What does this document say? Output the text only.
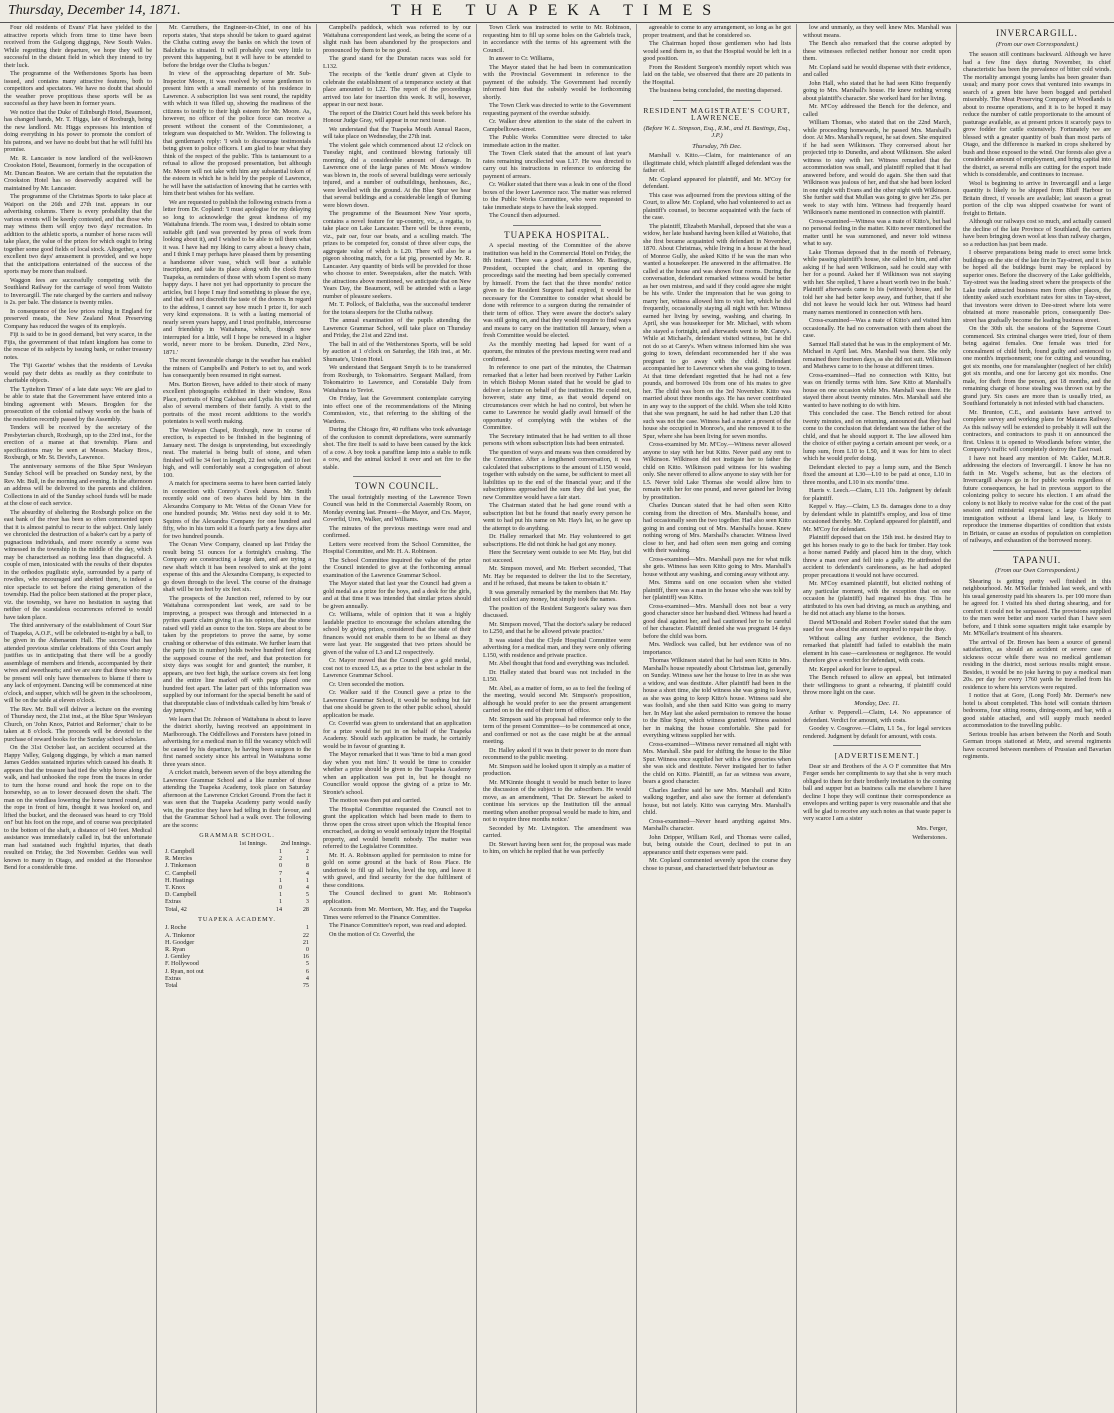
Thursday, December 14, 1871.	THE TUAPEKA TIMES

Four old residents of Evans' Flat have yielded to the attractive reports which from time to time have been received from the Gulgong diggings, New South Wales. While regretting their departure, we hope they will be successful in the distant field in which they intend to try their luck.

The programme of the Wetherstones Sports has been issued, and contains many attractive features, both to competitors and spectators. We have no doubt that should the weather prove propitious these sports will be as successful as they have been in former years.

We notice that the Duke of Edinburgh Hotel, Beaumont, has changed hands, Mr. T. Higgs, late of Roxburgh, being the new landlord. Mr. Higgs expresses his intention of doing everything in his power to promote the comfort of his patrons, and we have no doubt but that he will fulfil his promise.

Mr. R. Lancaster is now landlord of the well-known Crookston Hotel, Beaumont, formerly in the occupation of Mr. Duncan Beaton. We are certain that the reputation the Crookston Hotel has so deservedly acquired will be maintained by Mr. Lancaster.

The programme of the Christmas Sports to take place at Waipori on the 26th and 27th inst. appears in our advertising columns. There is every probability that the various events will be keenly contested, and that those who may witness them will enjoy two days' recreation. In addition to the athletic sports, a number of horse races will take place, the value of the prizes for which ought to bring together some good fields of local stock. Altogether, a very excellent two days' amusement is provided, and we hope that the anticipations entertained of the success of the sports may be more than realised.

Waggon fees are successfully competing with the Southland Railway for the carriage of wool from Waitoto to Invercargill. The rate charged by the carriers and railway is 2s. per bale. The distance is twenty miles.

In consequence of the low prices ruling in England for preserved meats, the New Zealand Meat Preserving Company has reduced the wages of its employés.

Fiji is said to be in good demand, but very scarce, in the Fijis, the government of that infant kingdom has come to the rescue of its subjects by issuing bank, or rather treasury notes.

The 'Fiji Gazette' wishes that the residents of Levuka would pay their debts as readily as they contribute to charitable objects.

The 'Lyttelton Times' of a late date says: We are glad to be able to state that the Government have entered into a binding agreement with Messrs. Brogden for the prosecution of the colonial railway works on the basis of the resolution recently passed by the Assembly.

Tenders will be received by the secretary of the Presbyterian church, Roxburgh, up to the 23rd inst., for the erection of a manse at that township. Plans and specifications may be seen at Messrs. Mackay Bros., Roxburgh, or Mr. St. Devid's, Lawrence.

The anniversary sermons of the Blue Spur Wesleyan Sunday School will be preached on Sunday next, by the Rev. Mr. Bull, in the morning and evening. In the afternoon an address will be delivered to the parents and children. Collections in aid of the Sunday school funds will be made at the close of each service.

The absurdity of sheltering the Roxburgh police on the east bank of the river has been so often commented upon that it is almost painful to recur to the subject. Only lately we chronicled the destruction of a baker's cart by a party of pugnacious individuals, and more recently a scene was witnessed in the township in the middle of the day, which may be characterised as nothing less than disgraceful. A couple of men, intoxicated with the results of their disputes in the orthodox pugilistic style, surrounded by a party of rowdies, who encouraged and abetted them, is indeed a nice spectacle to set before the rising generation of the township. Had the police been stationed at the proper place, viz. the township, we have no hesitation in saying that neither of the scandalous occurrences referred to would have taken place.

The third anniversary of the establishment of Court Star of Tuapeka, A.O.F., will be celebrated to-night by a ball, to be given in the Athenaeum Hall. The success that has attended previous similar celebrations of this Court amply justifies us in anticipating that there will be a goodly assemblage of members and friends, accompanied by their wives and sweethearts; and we are sure that those who may be present will only have themselves to blame if there is any lack of enjoyment. Dancing will be commenced at nine o'clock, and supper, which will be given in the schoolroom, will be on the table at eleven o'clock.

The Rev. Mr. Bull will deliver a lecture on the evening of Thursday next, the 21st inst., at the Blue Spur Wesleyan Church, on 'John Knox, Patriot and Reformer,' chair to be taken at 8 o'clock. The proceeds will be devoted to the purchase of reward books for the Sunday school scholars.

On the 31st October last, an accident occurred at the Happy Valley, Gulgong diggings, by which a man named James Geddes sustained injuries which caused his death. It appears that the treasure had tied the whip horse along the walk, and had unhooked the rope from the traces in order to turn the horse round and hook the rope on to the horsewhip, so as to lower deceased down the shaft. The man on the windlass lowering the horse turned round, and the rope in front of him, thought it was hooked on, and lifted the bucket, and the deceased was heard to cry 'Hold on!' but his foot on the rope, and of course was precipitated to the bottom of the shaft, a distance of 140 feet. Medical assistance was immediately called in, but the unfortunate man had sustained such frightful injuries, that death resulted on Friday, the 3rd November. Geddes was well known to many in Otago, and resided at the Horseshoe Bend for a considerable time.

Mr. Carruthers, the Engineer-in-Chief, in one of his reports states, 'that steps should be taken to guard against the Clutha cutting away the banks on which the town of Balclutha is situated. It will probably cost very little to prevent this happening, but it will have to be attended to before the bridge over the Clutha is begun.'

In view of the approaching departure of Mr. Sub-Inspector Moore, it was resolved by some gentlemen to present him with a small memento of his residence in Lawrence. A subscription list was sent round, the rapidity with which it was filled up, showing the readiness of the citizens to testify to their high esteem for Mr. Moore. As, however, no officer of the police force can receive a present without the consent of the Commissioner, a telegram was despatched to Mr. Weldon. The following is that gentleman's reply: 'I wish to discourage testimonials being given to police officers. I am glad to hear what they think of the respect of the public. This is tantamount to a refusal to allow the proposed presentation, but although Mr. Moore will not take with him any substantial token of the esteem in which he is held by the people of Lawrence, he will have the satisfaction of knowing that he carries with him their best wishes for his welfare.

We are requested to publish the following extracts from a letter from Dr. Copland: 'I must apologise for my delaying so long to acknowledge the great kindness of my Waitahuna friends. The room was, I desired to obtain some suitable gift (and was prevented by press of work from looking about it), and I wished to be able to tell them what it was. I have had my liking to carry about a heavy chain, and I think I may perhaps have pleased them by presenting a handsome silver vase, which will bear a suitable inscription, and take its place along with the clock from Tuapeka, as reminders of those with whom I spent so many happy days. I have not yet had opportunity to procure the articles, but I hope I may find something to please the eye, and that will not discredit the taste of the donors. In regard to the address, I cannot say how much I prize it, for such very kind expressions. It is with a lasting memorial of nearly seven years happy, and I trust profitable, intercourse and friendship in Waitahuna, which, though now interrupted for a little, will I hope be renewed in a higher world, never more to be broken. Dunedin, 23rd Nov., 1871.'

The recent favourable change in the weather has enabled the miners of Campbell's and Potter's to set to, and work has consequently been resumed in right earnest.

Mrs. Burton Brown, have added to their stock of many excellent photographs exhibited in their window, Ross Place, portraits of King Cakobau and Lydia his queen, and also of several members of their family. A visit to the portraits of the most recent additions to the world's potentates is well worth making.

The Wesleyan Chapel, Roxburgh, now in course of erection, is expected to be finished in the beginning of January next. The design is unpretending, but exceedingly neat. The material is being built of stone, and when finished will be 34 feet in length, 22 feet wide, and 10 feet high, and will comfortably seat a congregation of about 100.

A match for specimens seems to have been carried lately in connection with Conroy's Creek shares. Mr. Smith recently sold one of two shares held by him in the Alexandra Company to Mr. Weiss of the Ocean View for one hundred pounds; Mr. Weiss next day sold it to Mr. Squires of the Alexandra Company for one hundred and fifty, who in his turn sold it a fourth party a few days after for two hundred pounds.

The Ocean View Company, cleaned up last Friday the result being 51 ounces for a fortnight's crushing. The Company are constructing a large dam, and are trying a new shaft which it has been resolved to sink at the joint expense of this and the Alexandra Company, is expected to go down through to the level. The course of the drainage shaft will be ten feet by six feet six.

The prospects of the Junction reef, referred to by our Waitahuna correspondent last week, are said to be improving, a prospect was through and intersected in a pyrites quartz claim giving it as his opinion, that the stone raised will yield an ounce to the ton. Steps are about to be taken by the proprietors to prove the same, by some crushing or otherwise of this estimate. We further learn that the party (six in number) holds twelve hundred feet along the supposed course of the reef, and that protection for sixty days was sought for and granted; the number, it appears, are two feet high, the surface covers six feet long and the entire line marked off with pegs placed one hundred feet apart. The latter part of this information was supplied by our informant for the special benefit he said of that disreputable class of individuals called by him 'break o' day jumpers.'

We learn that Dr. Johnson of Waitahuna is about to leave the district shortly, having received an appointment in Marlborough. The Oddfellows and Foresters have joined in advertising for a medical man to fill the vacancy which will be caused by his departure, he having been surgeon to the first named society since his arrival in Waitahuna some three years since.

A cricket match, between seven of the boys attending the Lawrence Grammar School and a like number of those attending the Tuapeka Academy, took place on Saturday afternoon at the Lawrence Cricket Ground. From the fact it was seen that the Tuapeka Academy party would easily win, the practice they have had telling in their favour, and that the Grammar School had a walk over. The following are the scores:

GRAMMAR SCHOOL.
1st Innings. 2nd Innings.
J. Campbell	1	2
R. Mercies	2	1
J. Tinkenson	0	8
C. Campbell	7	4
H. Hastings	1	1
T. Knox	0	4
D. Campbell	1	5
Extras	1	3
Total, 42	14	28
TUAPEKA ACADEMY.
J. Roche	1
A. Tinkenor	22
H. Goodger	21
R. Ryan	0
J. Gentley	16
F. Hollywood	5
J. Ryan, not out	6
Extras	4
Total	75

Campbell's paddock, which was referred to by our Waitahuna correspondent last week, as being the scene of a slight rush has been abandoned by the prospectors and pronounced by them to be no good.

The grand stand for the Dunstan races was sold for L132.

The receipts of the 'kettle drum' given at Clyde to celebrate the establishment of a temperance society at that place amounted to L22. The report of the proceedings arrived too late for insertion this week. It will, however, appear in our next issue.

The report of the District Court held this week before his Honour Judge Gray, will appear in our next issue.

We understand that the Tuapeka Mouth Annual Races, will take place on Wednesday, the 27th inst.

The violent gale which commenced about 12 o'clock on Tuesday night, and continued blowing furiously till morning, did a considerable amount of damage. In Lawrence one of the large panes of Mr. Moss's window was blown in, the roofs of several buildings were seriously injured, and a number of outbuildings, henhouses, &c., were levelled with the ground. At the Blue Spur we hear that several buildings and a considerable length of fluming were blown down.

The programme of the Beaumont New Year sports, contains a novel feature for up-country, viz., a regatta, to take place on Lake Lancaster. There will be three events, viz., pair oar, four oar boats, and a sculling match. The prizes to be competed for, consist of three silver cups, the aggregate value of which is L20. There will also be a pigeon shooting match, for a fat pig, presented by Mr. R. Lancaster. Any quantity of birds will be provided for those who choose to enter. Sweepstakes, after the match. With the attractions above mentioned, we anticipate that on New Years Day, the Beaumont, will be attended with a large number of pleasure seekers.

Mr. T. Pollock, of Balclutha, was the successful tenderer for the totara sleepers for the Clutha railway.

The annual examination of the pupils attending the Lawrence Grammar School, will take place on Thursday and Friday, the 21st and 22nd inst.

The ball in aid of the Wetherstones Sports, will be sold by auction at 1 o'clock on Saturday, the 16th inst., at Mr. Shumate's, Union Hotel.

We understand that Sergeant Smyth is to be transferred from Roxburgh, to Tokomairiro. Sergeant Mallard, from Tokomairiro to Lawrence, and Constable Daly from Waitahuna to Teviot.

On Friday, last the Government contemplate carrying into effect one of the recommendations of the Mining Commission, viz., that referring to the shifting of the Wardens.

During the Chicago fire, 40 ruffians who took advantage of the confusion to commit depredations, were summarily shot. The fire itself is said to have been caused by the kick of a cow. A boy took a paraffine lamp into a stable to milk a cow, and the animal kicked it over and set fire to the stable.

TOWN COUNCIL.

The usual fortnightly meeting of the Lawrence Town Council was held in the Commercial Assembly Room, on Monday evening last. Present—the Mayor, and Crs. Mayor, Coverfid, Uren, Walker, and Williams.

The minutes of the previous meetings were read and confirmed.

Letters were received from the School Committee, the Hospital Committee, and Mr. H. A. Robinson.

The School Committee inquired the value of the prize the Council intended to give at the forthcoming annual examination of the Lawrence Grammar School.

The Mayor stated that last year the Council had given a gold medal as a prize for the boys, and a desk for the girls, and at that time it was intended that similar prizes should be given annually.

Cr. Williams, while of opinion that it was a highly laudable practice to encourage the scholars attending the school by giving prizes, considered that the state of their finances would not enable them to be so liberal as they were last year. He suggested that two prizes should be given of the value of L3 and L2 respectively.

Cr. Mayor moved that the Council give a gold medal, cost not to exceed L5, as a prize to the best scholar in the Lawrence Grammar School.

Cr. Uren seconded the motion.

Cr. Walker said if the Council gave a prize to the Lawrence Grammar School, it would be nothing but fair that one should be given to the other public school, should application be made.

Cr. Coverfid was given to understand that an application for a prize would be put in on behalf of the Tuapeka Academy. Should such application be made, he certainly would be in favour of granting it.

The Mayor remarked that it was 'time to bid a man good day when you met him.' It would be time to consider whether a prize should be given to the Tuapeka Academy when an application was put in, but he thought no Councillor would oppose the giving of a prize to Mr. Stronie's school.

The motion was then put and carried.

The Hospital Committee requested the Council not to grant the application which had been made to them to throw open the cross street upon which the Hospital fence encroached, as doing so would seriously injure the Hospital property, and would benefit nobody. The matter was referred to the Legislative Committee.

Mr. H. A. Robinson applied for permission to mine for gold on some ground at the back of Ross Place. He undertook to fill up all holes, level the top, and leave it with gravel, and find security for the due fulfilment of these conditions.

The Council declined to grant Mr. Robinson's application.

Accounts from Mr. Morrison, Mr. Hay, and the Tuapeka Times were referred to the Finance Committee.

The Finance Committee's report, was read and adopted.

On the motion of Cr. Coverfid, the

Town Clerk was instructed to write to Mr. Robinson, requesting him to fill up some holes on the Gabriels track, in accordance with the terms of his agreement with the Council.

In answer to Cr. Williams,

The Mayor stated that he had been in communication with the Provincial Government in reference to the payment of the subsidy. The Government had recently informed him that the subsidy would be forthcoming shortly.

The Town Clerk was directed to write to the Government requesting payment of the overdue subsidy.

Cr. Walker drew attention to the state of the culvert in Campbelltown-street.

The Public Works Committee were directed to take immediate action in the matter.

The Town Clerk stated that the amount of last year's rates remaining uncollected was L17. He was directed to carry out his instructions in reference to enforcing the payment of arrears.

Cr. Walker stated that there was a leak in one of the flood boxes of the lower Lawrence race. The matter was referred to the Public Works Committee, who were requested to take immediate steps to have the leak stopped.

The Council then adjourned.

TUAPEKA HOSPITAL.

A special meeting of the Committee of the above institution was held in the Commercial Hotel on Friday, the 8th instant. There was a good attendance. Mr. Bastings, President, occupied the chair, and in opening the proceedings said the meeting had been specially convened by himself. From the fact that the three months' notice given to the Resident Surgeon had expired, it would be necessary for the Committee to consider what should be done with reference to a surgeon during the remainder of their term of office. They were aware the doctor's salary was still going on, and that they would require to find ways and means to carry on the institution till January, when a fresh Committee would be elected.

As the monthly meeting had lapsed for want of a quorum, the minutes of the previous meeting were read and confirmed.

In reference to one part of the minutes, the Chairman remarked that a letter had been received by Father Larkin in which Bishop Moran stated that he would be glad to deliver a lecture on behalf of the institution. He could not, however, state any time, as that would depend on circumstances over which he had no control, but when he came to Lawrence he would gladly avail himself of the opportunity of complying with the wishes of the Committee.

The Secretary intimated that he had written to all those persons with whom subscription lists had been entrusted.

The question of ways and means was then considered by the Committee. After a lengthened conversation, it was calculated that subscriptions to the amount of L150 would, together with subsidy on the same, be sufficient to meet all liabilities up to the end of the financial year; and if the subscriptions approached the sum they did last year, the new Committee would have a fair start.

The Chairman stated that he had gone round with a subscription list but he found that nearly every person he went to had put his name on Mr. Hay's list, so he gave up the attempt to do anything.

Dr. Halley remarked that Mr. Hay volunteered to get subscriptions. He did not think he had got any money.

Here the Secretary went outside to see Mr. Hay, but did not succeed.

Mr. Simpson moved, and Mr. Herbert seconded, 'That Mr. Hay be requested to deliver the list to the Secretary, and if he refused, that means be taken to obtain it.'

It was generally remarked by the members that Mr. Hay did not collect any money, but simply took the names.

The position of the Resident Surgeon's salary was then discussed.

Mr. Simpson moved, 'That the doctor's salary be reduced to L250, and that he be allowed private practice.'

It was stated that the Clyde Hospital Committee were advertising for a medical man, and they were only offering L150, with residence and private practice.

Mr. Abel thought that food and everything was included.

Dr. Halley stated that board was not included in the L150.

Mr. Abel, as a matter of form, so as to feel the feeling of the meeting, would second Mr. Simpson's proposition, although he would prefer to see the present arrangement carried on to the end of their term of office.

Mr. Simpson said his proposal had reference only to the term of the present Committee—to be commenced at once, and confirmed or not as the case might be at the annual meeting.

Dr. Halley asked if it was in their power to do more than recommend to the public meeting.

Mr. Simpson said he looked upon it simply as a matter of production.

Mr. M'Kinnie thought it would be much better to leave the discussion of the subject to the subscribers. He would move, as an amendment, 'That Dr. Stewart be asked to continue his services up the Institution till the annual meeting when another proposal would be made to him, and not to require three months notice.'

Seconded by Mr. Livingston. The amendment was carried.

Dr. Stewart having been sent for, the proposal was made to him, on which he replied that he was perfectly

agreeable to come to any arrangement, so long as he got proper treatment, and that he considered so.

The Chairman hoped those gentlemen who had lists would send them in, so that the Hospital would be left in a good position.

From the Resident Surgeon's monthly report which was laid on the table, we observed that there are 20 patients in the Hospital.

The business being concluded, the meeting dispersed.

RESIDENT MAGISTRATE'S COURT, LAWRENCE.
(Before W. L. Simpson, Esq., R.M., and H. Bastings, Esq., J.P.)
Thursday, 7th Dec.

Marshall v. Kitto.—Claim, for maintenance of an illegitimate child, which plaintiff alleged defendant was the father of.

Mr. Copland appeared for plaintiff, and Mr. M'Coy for defendant.

This case was adjourned from the previous sitting of the Court, to allow Mr. Copland, who had volunteered to act as plaintiff's counsel, to become acquainted with the facts of the case.

The plaintiff, Elizabeth Marshall, deposed that she was a widow, her late husband having been killed at Waitoho, that she first became acquainted with defendant in November, 1870. About Christmas, while living in a house at the head of Monroe Gully, she asked Kitto if he was the man who wanted a housekeeper. He answered in the affirmative. He called at the house and was shown four rooms. During the conversation, defendant remarked witness would be better as her own mistress, and said if they could agree she might be his wife. Under the impression that he was going to marry her, witness allowed him to visit her, which he did frequently, occasionally staying all night with her. Witness earned her living by sewing, washing, and charing. In April, she was housekeeper for Mr. Michael, with whom she stayed a fortnight, and afterwards went to Mr. Carey's. While at Michael's, defendant visited witness, but he did not do so at Carey's. When witness informed him she was going to town, defendant recommended her if she was pregnant to go away with the child. Defendant accompanied her to Lawrence when she was going to town. At that time defendant regretted that he had not a few pounds, and borrowed 10s from one of his mates to give her. The child was born on the 3rd November. Kitto was married about three months ago. He has never contributed in any way to the support of the child. When she told Kitto that she was pregnant, he said he had rather than L20 that such was not the case. Witness had a mater a present of the house she occupied in Monroe's, and she removed it to the Spur, where she has been living for seven months.

Cross-examined by Mr. M'Coy.—Witness never allowed anyone to stay with her but Kitto. Never paid any rent to Wilkinson. Wilkinson did not instigate her to father the child on Kitto. Wilkinson paid witness for his washing only. She never offered to allow anyone to stay with her for L5. Never told Lake Thomas she would allow him to remain with her for one pound, and never gained her living by prostitution.

Charles Duncan stated that he had often seen Kitto coming from the direction of Mrs. Marshall's house, and had occasionally seen the two together. Had also seen Kitto going in and coming out of Mrs. Marshall's house. Knew nothing wrong of Mrs. Marshall's character. Witness lived close to her, and had often seen men going and coming with their washing.

Cross-examined—Mrs. Marshall pays me for what milk she gets. Witness has seen Kitto going to Mrs. Marshall's house without any washing, and coming away without any.

Mrs. Simms said on one occasion when she visited plaintiff, there was a man in the house who she was told by her (plaintiff) was Kitto.

Cross-examined—Mrs. Marshall does not bear a very good character since her husband died. Witness had heard a good deal against her, and had cautioned her to be careful of her character. Plaintiff denied she was pregnant 14 days before the child was born.

Mrs. Wedlock was called, but her evidence was of no importance.

Thomas Wilkinson stated that he had seen Kitto in Mrs. Marshall's house repeatedly about Christmas last, generally on Sunday. Witness saw her the house to live in as she was a widow, and was destitute. After plaintiff had been in the house a short time, she told witness she was going to leave, as she was going to keep Kitto's house. Witness said she was foolish, and she then said Kitto was going to marry her. In May last she asked permission to remove the house to the Blue Spur, which witness granted. Witness assisted her in making the house comfortable. She paid for everything witness supplied her with.

Cross-examined—Witness never remained all night with Mrs. Marshall. She paid for shifting the house to the Blue Spur. Witness once supplied her with a few groceries when she was sick and destitute. Never instigated her to father the child on Kitto. Plaintiff, as far as witness was aware, bears a good character.

Charles Jardine said he saw Mrs. Marshall and Kitto walking together, and also saw the former at defendant's house, but not lately. Kitto was carrying Mrs. Marshall's child.

Cross-examined—Never heard anything against Mrs. Marshall's character.

John Dripper, William Keil, and Thomas were called, but, being outside the Court, declined to put in an appearance until their expenses were paid.

Mr. Copland commented severely upon the course they chose to pursue, and characterised their behaviour as

low and unmanly, as they well knew Mrs. Marshall was without means.

The Bench also remarked that the course adopted by these witnesses reflected neither honour nor credit upon them.

Mr. Copland said he would dispense with their evidence, and called

John Hall, who stated that he had seen Kitto frequently going to Mrs. Marshall's house. He knew nothing wrong about plaintiff's character. She worked hard for her living.

Mr. M'Coy addressed the Bench for the defence, and called

William Thomas, who stated that on the 22nd March, while proceeding homewards, he passed Mrs. Marshall's door. At Mrs. Marshall's request, he sat down. She enquired if he had seen Wilkinson. They conversed about her projected trip to Dunedin, and about Wilkinson. She asked witness to stay with her. Witness remarked that the accommodation was small, and plaintiff replied that it had answered before, and would do again. She then said that Wilkinson was jealous of her, and that she had been locked in one night with Evans and the other night with Wilkinson. She further said that Mullan was going to give her 25s. per week to stay with him. Witness had frequently heard Wilkinson's name mentioned in connection with plaintiff.

Cross-examined—Witness was a mate of Kitto's, but had no personal feeling in the matter. Kitto never mentioned the matter until he was summoned, and never told witness what to say.

Lake Thomas deposed that in the month of February, while passing plaintiff's house, she called to him, and after asking if he had seen Wilkinson, said he could stay with her for a pound. Asked her if Wilkinson was not staying with her. She replied, 'I have a heart worth two in the bush.' Plaintiff afterwards came to his (witness's) house, and he told her she had better keep away, and further, that if she did not leave he would kick her out. Witness had heard many names mentioned in connection with hers.

Cross-examined—Was a mate of Kitto's and visited him occasionally. He had no conversation with them about the case.

Samuel Hall stated that he was in the employment of Mr. Michael in April last. Mrs. Marshall was there. She only remained there fourteen days, as she did not suit. Wilkinson and Mathews came to to the house at different times.

Cross-examined—Had no connection with Kitto, but was on friendly terms with him. Saw Kitto at Marshall's house on one occasion while Mrs. Marshall was there. He stayed there about twenty minutes. Mrs. Marshall said she wanted to have nothing to do with him.

This concluded the case. The Bench retired for about twenty minutes, and on returning, announced that they had come to the conclusion that defendant was the father of the child, and that he should support it. The law allowed him the choice of either paying a certain amount per week, or a lump sum, from L10 to L50, and it was for him to elect which he would prefer doing.

Defendant elected to pay a lump sum, and the Bench fixed the amount at L30—L10 to be paid at once, L10 in three months, and L10 in six months' time.

Harris v. Leech.—Claim, L11 10s. Judgment by default for plaintiff.

Keppel v. Hay.—Claim, L3 8s. damages done to a dray by defendant while in plaintiff's employ, and loss of time occasioned thereby. Mr. Copland appeared for plaintiff, and Mr. M'Coy for defendant.

Plaintiff deposed that on the 15th inst. he desired Hay to get his horses ready to go to the back for timber. Hay took a horse named Paddy and placed him in the dray, which threw a man over and fell into a gully. He attributed the accident to defendant's carelessness, as he had adopted proper precautions it would not have occurred.

Mr. M'Coy examined plaintiff, but elicited nothing of any particular moment, with the exception that on one occasion he (plaintiff) had regained his dray. This he attributed to his own bad driving, as much as anything, and he did not attach any blame to the horses.

David M'Donald and Robert Fowler stated that the sum sued for was about the amount required to repair the dray.

Without calling any further evidence, the Bench remarked that plaintiff had failed to establish the main element in his case—carelessness or negligence. He would therefore give a verdict for defendant, with costs.

Mr. Keppel asked for leave to appeal.

The Bench refused to allow an appeal, but intimated their willingness to grant a rehearing, if plaintiff could throw more light on the case.

Monday, Dec. 11.

Arthur v. Pepperell.—Claim, L4. No appearance of defendant. Verdict for amount, with costs.

Goodey v. Cosgrove.—Claim, L1 5s., for legal services rendered. Judgment by default for amount, with costs.

[ADVERTISEMENT.]

Dear sir and Brothers of the A O F committee that Mrs Ferger sends her compliments to say that she is very much obliged to them for their brotherly invitation to the coming ball and supper but as business calls me elsewhere I have decline I hope they will continue their correspondence as envelopes and writing paper is very reasonable and that she will be glad to receive any such notes as that waste paper is very scarce I am a sister

Mrs. Ferger,
Wetherstones.
INVERCARGILL.
(From our own Correspondent.)

The season still continues backward. Although we have had a few fine days during November, its chief characteristic has been the prevalence of bitter cold winds. The mortality amongst young lambs has been greater than usual; and many poor cows that ventured into swamps in search of a green bite have been bogged and perished miserably. The Meat Preserving Company at Woodlands is about to resume operations, and it is to be hoped it may reduce the number of cattle proportionate to the amount of pasturage available, as at present prices it scarcely pays to grow fodder for cattle extensively. Fortunately we are blessed with a greater quantity of bush than most parts of Otago, and the difference is marked in crops sheltered by bush and those exposed to the wind. Our forests also give a considerable amount of employment, and bring capital into the district, as several mills are cutting for the export trade which is considerable, and continues to increase.

Wool is beginning to arrive in Invercargill and a large quantity is likely to be shipped from Bluff Harbour to Britain direct, if vessels are available; last season a great portion of the clip was shipped coastwise for want of freight to Britain.

Although our railways cost so much, and actually caused the decline of the late Province of Southland, the carriers have been bringing down wool at less than railway charges, so a reduction has just been made.

I observe preparations being made to erect some brick buildings on the site of the late fire in Tay-street, and it is to be hoped all the buildings burnt may be replaced by superior ones. Before the discovery of the Lake goldfields, Tay-street was the leading street where the prospects of the Lake trade attracted business men from other places, the identity asked such exorbitant rates for sites in Tay-street, that investors were driven to Dee-street where lots were obtained at more reasonable prices, consequently Dee-street has gradually become the leading business street.

On the 30th ult. the sessions of the Supreme Court commenced. Six criminal charges were tried, four of them being against females. One female was tried for concealment of child birth, found guilty and sentenced to one month's imprisonment; one for cutting and wounding, got six months, one for manslaughter (neglect of her child) got six months, and one for larceny got six months. One male, for theft from the person, got 18 months, and the remaining charge of horse stealing was thrown out by the grand jury. Six cases are more than is usually tried, as Southland fortunately is not infested with bad characters.

Mr. Brunton, C.E., and assistants have arrived to complete survey and working plans for Mataura Railway. As this railway will be extended to probably it will suit the contractors, and contractors to push it on announced the first. Unless it is opened to Woodlands before winter, the Company's traffic will completely destroy the East road.

I have not heard any mention of Mr. Calder, M.H.R. addressing the electors of Invercargill. I know he has no faith in Mr. Vogel's scheme, but as the electors of Invercargill always go in for public works regardless of future consequences, he had in previous support to the colonizing policy to secure his election. I am afraid the colony is not likely to receive value for the cost of the past session and ministerial expenses; a large Government immigration without a liberal land law, is likely to reproduce the immense disparities of condition that exists in Britain, or cause an exodus of population on completion of railways, and exhaustion of the borrowed money.

TAPANUI.
(From our Own Correspondent.)

Shearing is getting pretty well finished in this neighbourhood. Mr. M'Kellar finished last week, and with his usual generosity paid his shearers 1s. per 100 more than he agreed for. I visited his shed during shearing, and for comfort it could not be surpassed. The provisions supplied to the men were better and more varied than I have seen before, and I think some squatters might take example by Mr. M'Kellar's treatment of his shearers.

The arrival of Dr. Brown has been a source of general satisfaction, as should an accident or severe case of sickness occur while there was no medical gentleman residing in the district, most serious results might ensue. Besides, it would be no joke having to pay a medical man 20s. per day for every 1760 yards he travelled from his residence to where his services were required.

I notice that at Gore, (Long Ford) Mr. Dermer's new hotel is about completed. This hotel will contain thirteen bedrooms, four sitting rooms, dining-room, and bar, with a good stable attached, and will supply much needed accommodation to the travelling public.

Serious trouble has arisen between the North and South German troops stationed at Metz, and several regiments have occurred between members of Prussian and Bavarian regiments.
